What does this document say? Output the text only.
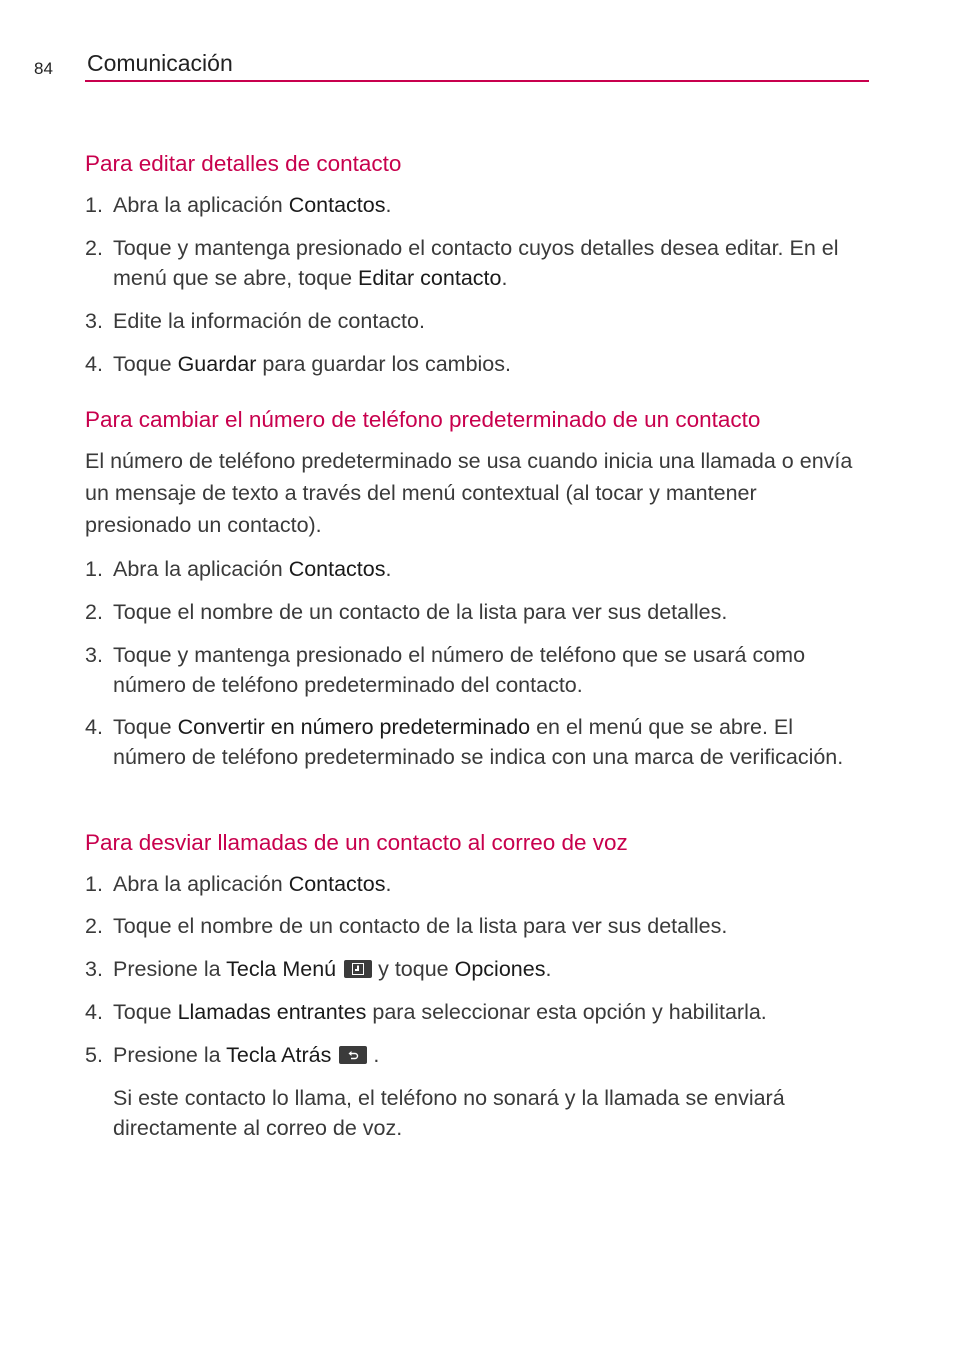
84 Comunicación
Para editar detalles de contacto
1. Abra la aplicación Contactos.
2. Toque y mantenga presionado el contacto cuyos detalles desea editar. En el menú que se abre, toque Editar contacto.
3. Edite la información de contacto.
4. Toque Guardar para guardar los cambios.
Para cambiar el número de teléfono predeterminado de un contacto
El número de teléfono predeterminado se usa cuando inicia una llamada o envía un mensaje de texto a través del menú contextual (al tocar y mantener presionado un contacto).
1. Abra la aplicación Contactos.
2. Toque el nombre de un contacto de la lista para ver sus detalles.
3. Toque y mantenga presionado el número de teléfono que se usará como número de teléfono predeterminado del contacto.
4. Toque Convertir en número predeterminado en el menú que se abre. El número de teléfono predeterminado se indica con una marca de verificación.
Para desviar llamadas de un contacto al correo de voz
1. Abra la aplicación Contactos.
2. Toque el nombre de un contacto de la lista para ver sus detalles.
3. Presione la Tecla Menú y toque Opciones.
4. Toque Llamadas entrantes para seleccionar esta opción y habilitarla.
5. Presione la Tecla Atrás .
Si este contacto lo llama, el teléfono no sonará y la llamada se enviará directamente al correo de voz.
